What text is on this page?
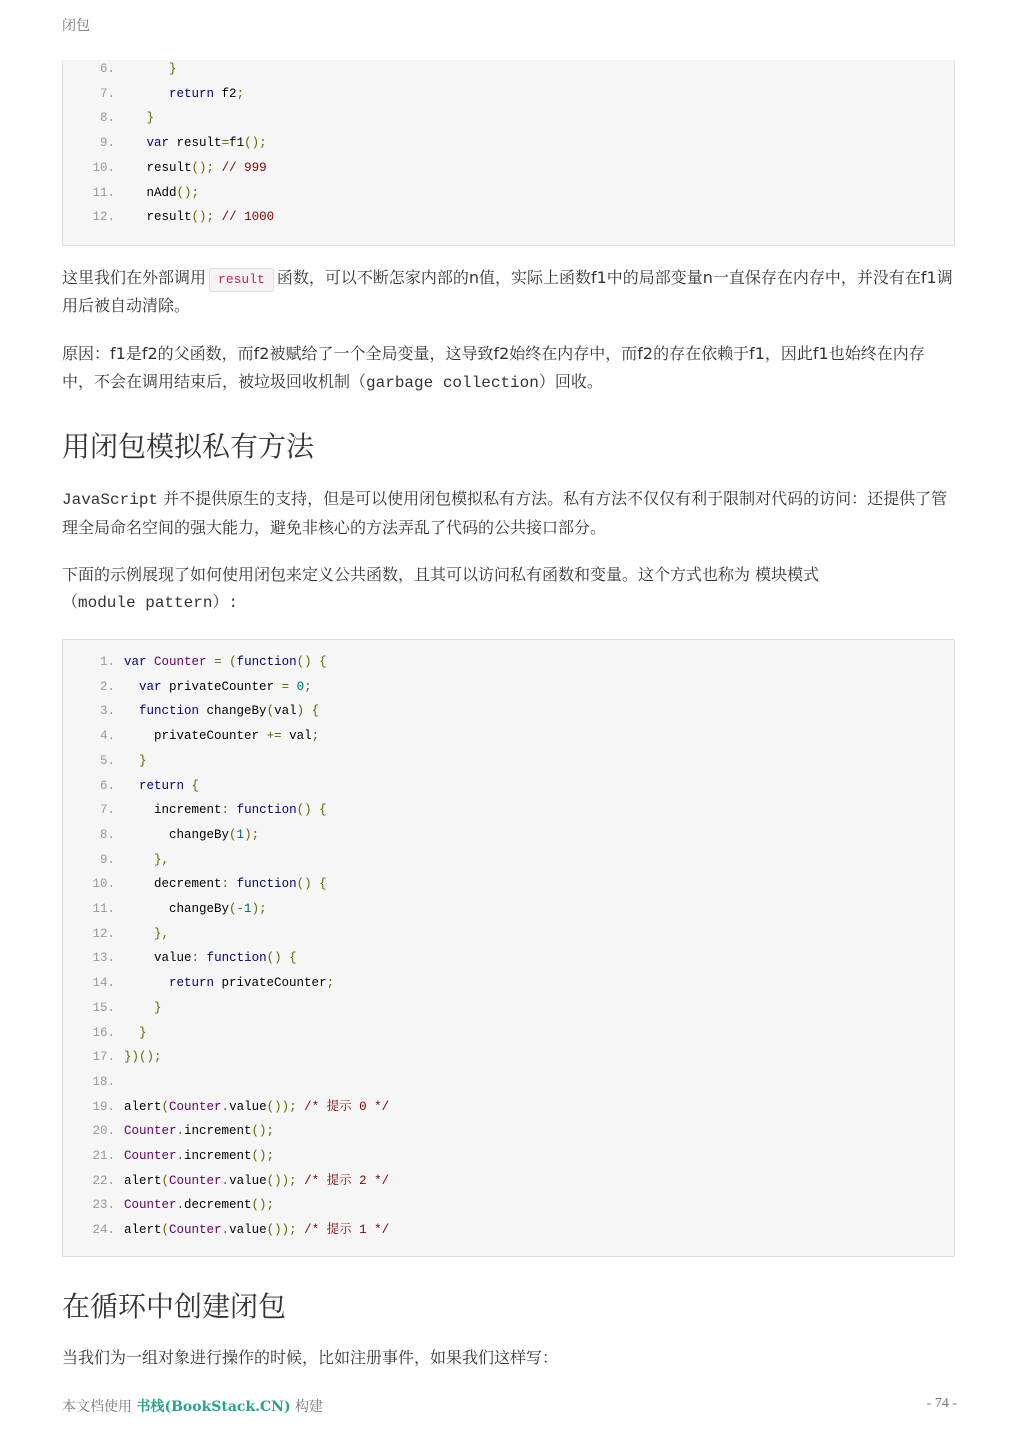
闭包
6.	}
7.	return f2;
8.	}
9.	var result=f1();
10.	result(); // 999
11.	nAdd();
12.	result(); // 1000
这里我们在外部调用 result 函数，可以不断怎家内部的n值，实际上函数f1中的局部变量n一直保存在内存中，并没有在f1调用后被自动清除。
原因：f1是f2的父函数，而f2被赋给了一个全局变量，这导致f2始终在内存中，而f2的存在依赖于f1，因此f1也始终在内存中，不会在调用结束后，被垃圾回收机制（garbage collection）回收。
用闭包模拟私有方法
JavaScript 并不提供原生的支持，但是可以使用闭包模拟私有方法。私有方法不仅仅有利于限制对代码的访问：还提供了管理全局命名空间的强大能力，避免非核心的方法弄乱了代码的公共接口部分。
下面的示例展现了如何使用闭包来定义公共函数，且其可以访问私有函数和变量。这个方式也称为 模块模式
（module pattern）:
1. var Counter = (function() {
2.	var privateCounter = 0;
3.	function changeBy(val) {
4.	privateCounter += val;
5.	}
6.	return {
7.	increment: function() {
8.	changeBy(1);
9.	},
10.	decrement: function() {
11.	changeBy(-1);
12.	},
13.	value: function() {
14.	return privateCounter;
15.	}
16.	}
17. })();
18.
19. alert(Counter.value()); /* 提示 0 */
20. Counter.increment();
21. Counter.increment();
22. alert(Counter.value()); /* 提示 2 */
23. Counter.decrement();
24. alert(Counter.value()); /* 提示 1 */
在循环中创建闭包
当我们为一组对象进行操作的时候，比如注册事件，如果我们这样写：
本文档使用 书栈(BookStack.CN) 构建	- 74 -
